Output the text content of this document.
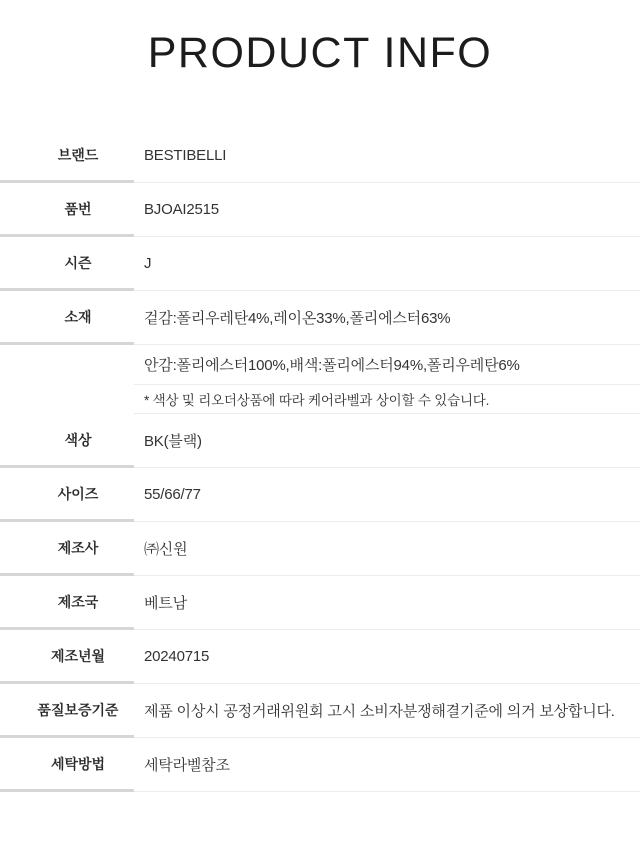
PRODUCT INFO
브랜드	BESTIBELLI
품번	BJOAI2515
시즌	J
소재	겉감:폴리우레탄4%,레이온33%,폴리에스터63%
안감:폴리에스터100%,배색:폴리에스터94%,폴리우레탄6%
* 색상 및 리오더상품에 따라 케어라벨과 상이할 수 있습니다.
색상	BK(블랙)
사이즈	55/66/77
제조사	㈜신원
제조국	베트남
제조년월	20240715
품질보증기준	제품 이상시 공정거래위원회 고시 소비자분쟁해결기준에 의거 보상합니다.
세탁방법	세탁라벨참조
